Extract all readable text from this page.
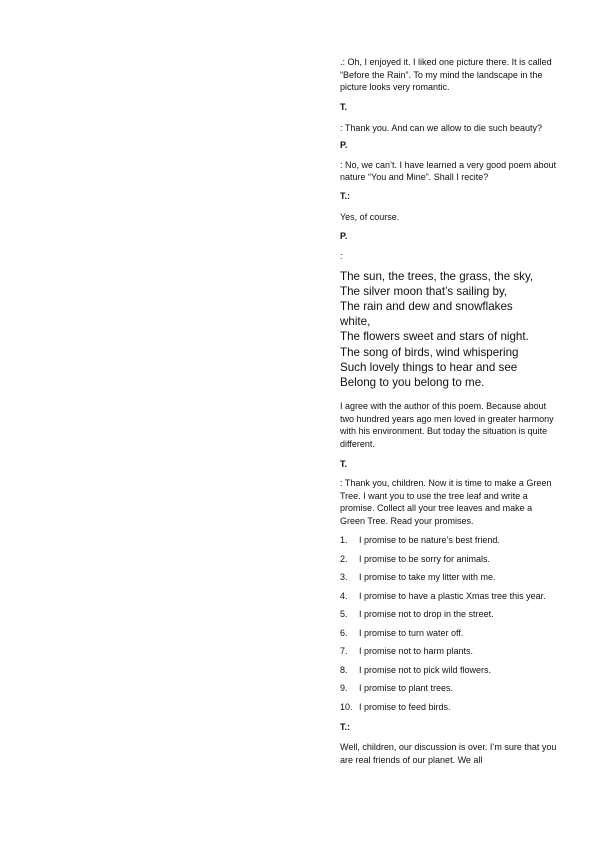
.: Oh, I enjoyed it. I liked one picture there. It is called “Before the Rain”. To my mind the landscape in the picture looks very romantic.

T.

: Thank you. And can we allow to die such beauty?

P.

: No, we can’t. I have learned a very good poem about nature “You and Mine”. Shall I recite?

T.:

Yes, of course.

P.

:

The sun, the trees, the grass, the sky,

The silver moon that’s sailing by,

The rain and dew and snowflakes

white,

The flowers sweet and stars of night.

The song of birds, wind whispering

Such lovely things to hear and see

Belong to you belong to me.

I agree with the author of this poem. Because about two hundred years ago men loved in greater harmony with his environment. But today the situation is quite different.

T.

: Thank you, children. Now it is time to make a Green Tree. I want you to use the tree leaf and write a promise. Collect all your tree leaves and make a Green Tree. Read your promises.

1.	I promise to be nature’s best friend.
2.	I promise to be sorry for animals.
3.	I promise to take my litter with me.
4.	I promise to have a plastic Xmas tree this year.
5.	I promise not to drop in the street.
6.	I promise to turn water off.
7.	I promise not to harm plants.
8.	I promise not to pick wild flowers.
9.	I promise to plant trees.
10. I promise to feed birds.

T.:

Well, children, our discussion is over. I’m sure that you are real friends of our planet. We all
